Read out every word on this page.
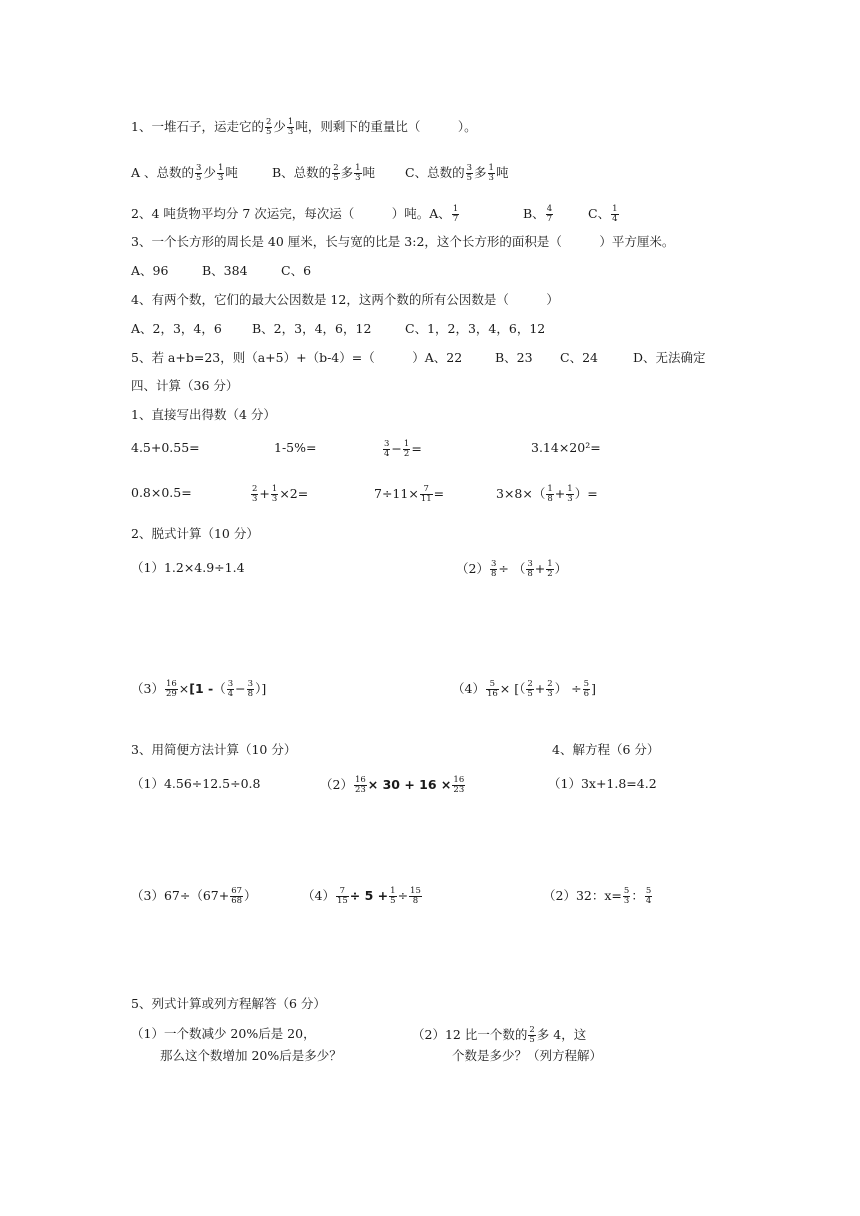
1、一堆石子，运走它的 $\frac{2}{5}$ 少 $\frac{1}{3}$ 吨，则剩下的重量比（　　　）。
A 、总数的 $\frac{3}{5}$ 少 $\frac{1}{3}$ 吨	B、总数的 $\frac{2}{5}$ 多 $\frac{1}{3}$ 吨 C、总数的 $\frac{3}{5}$ 多 $\frac{1}{3}$ 吨
2、4 吨货物平均分 7 次运完，每次运（　　　）吨。A、 $\frac{1}{7}$	B、 $\frac{4}{7}$	C、 $\frac{1}{4}$
3、一个长方形的周长是 40 厘米，长与宽的比是 3:2，这个长方形的面积是（　　　）平方厘米。
A、96	B、384	C、6
4、有两个数，它们的最大公因数是 12，这两个数的所有公因数是（　　　）
A、2，3，4，6 B、2，3，4，6，12	C、1，2，3，4，6，12
5、若 a+b=23，则（a+5）+（b-4）=（　　　）A、22	B、23 C、24	D、无法确定
四、计算（36 分）
1、直接写出得数（4 分）
4.5+0.55=	1-5%=	$\frac{3}{4} - \frac{1}{2}$ =	3.14×20²=
0.8×0.5=	$\frac{2}{3} + \frac{1}{3} \times 2=$	$7\div 11\times \frac{7}{11}$ =	$3\times 8\times( \frac{1}{8} + \frac{1}{3}$ ）=
2、脱式计算（10 分）
（1）1.2×4.9÷1.4	$(2) \frac{3}{8}$ ÷ （ $\frac{3}{8} + \frac{1}{2}$ ）
$(3) \frac{16}{29} \times[1$ -（ $\frac{3}{4} - \frac{3}{8}$ ）]	$(4) \frac{5}{16}$ × [（ $\frac{2}{5} + \frac{2}{3}$ ） ÷ $\frac{5}{6}$ ]
3、用简便方法计算（10 分）	4、解方程（6 分）
（1）4.56÷12.5÷0.8	$(2) \frac{16}{23} \times 30 + 16 \times \frac{16}{23}$	（1）3x+1.8=4.2
$(3)67\div(67+ \frac{67}{68}$ ）	$(4) \frac{7}{15} \div 5 + \frac{1}{5} \div \frac{15}{8}$	（2）32：$x= \frac{5}{3}$ ： $\frac{5}{4}$
5、列式计算或列方程解答（6 分）
（1）一个数减少 20%后是 20，
那么这个数增加 20%后是多少？
（2）12 比一个数的 $\frac{2}{5}$ 多 4，这
个数是多少？（列方程解）
